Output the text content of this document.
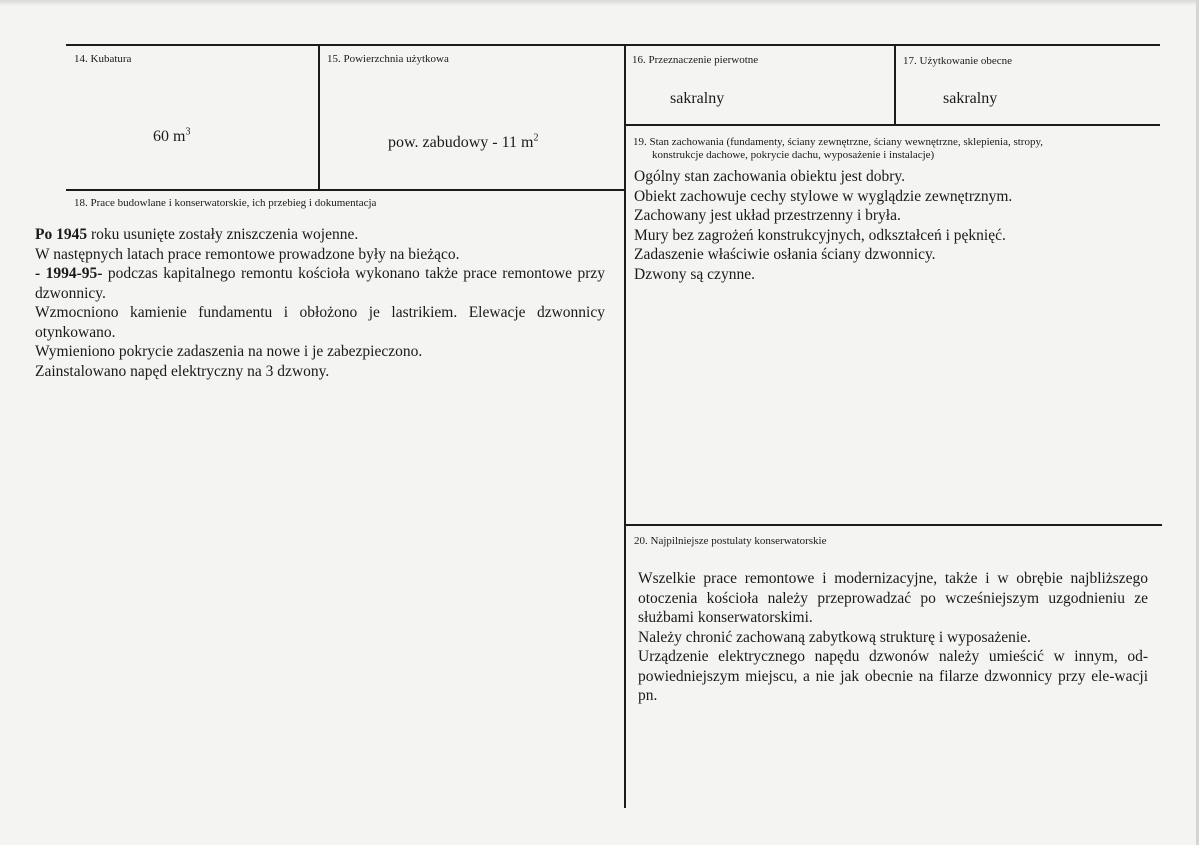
14. Kubatura
60 $m^3$
15. Powierzchnia użytkowa
pow. zabudowy - 11 $m^2$
16. Przeznaczenie pierwotne
sakralny
17. Użytkowanie obecne
sakralny
18. Prace budowlane i konserwatorskie, ich przebieg i dokumentacja

Po 1945 roku usunięte zostały zniszczenia wojenne.

W następnych latach prace remontowe prowadzone były na bieżąco.

- 1994-95- podczas kapitalnego remontu kościoła wykonano także prace remontowe przy dzwonnicy.

Wzmocniono kamienie fundamentu i obłożono je lastrikiem. Elewacje dzwonnicy otynkowano.

Wymieniono pokrycie zadaszenia na nowe i je zabezpieczono.

Zainstalowano napęd elektryczny na 3 dzwony.

19. Stan zachowania (fundamenty, ściany zewnętrzne, ściany wewnętrzne, sklepienia, stropy,
konstrukcje dachowe, pokrycie dachu, wyposażenie i instalacje)

Ogólny stan zachowania obiektu jest dobry.

Obiekt zachowuje cechy stylowe w wyglądzie zewnętrznym.

Zachowany jest układ przestrzenny i bryła.

Mury bez zagrożeń konstrukcyjnych, odkształceń i pęknięć.

Zadaszenie właściwie osłania ściany dzwonnicy.

Dzwony są czynne.

20. Najpilniejsze postulaty konserwatorskie

Wszelkie prace remontowe i modernizacyjne, także i w obrębie najbliższego otoczenia kościoła należy przeprowadzać po wcześniejszym uzgodnieniu ze służbami konserwatorskimi.

Należy chronić zachowaną zabytkową strukturę i wyposażenie.

Urządzenie elektrycznego napędu dzwonów należy umieścić w innym, od-powiedniejszym miejscu, a nie jak obecnie na filarze dzwonnicy przy ele-wacji pn.
